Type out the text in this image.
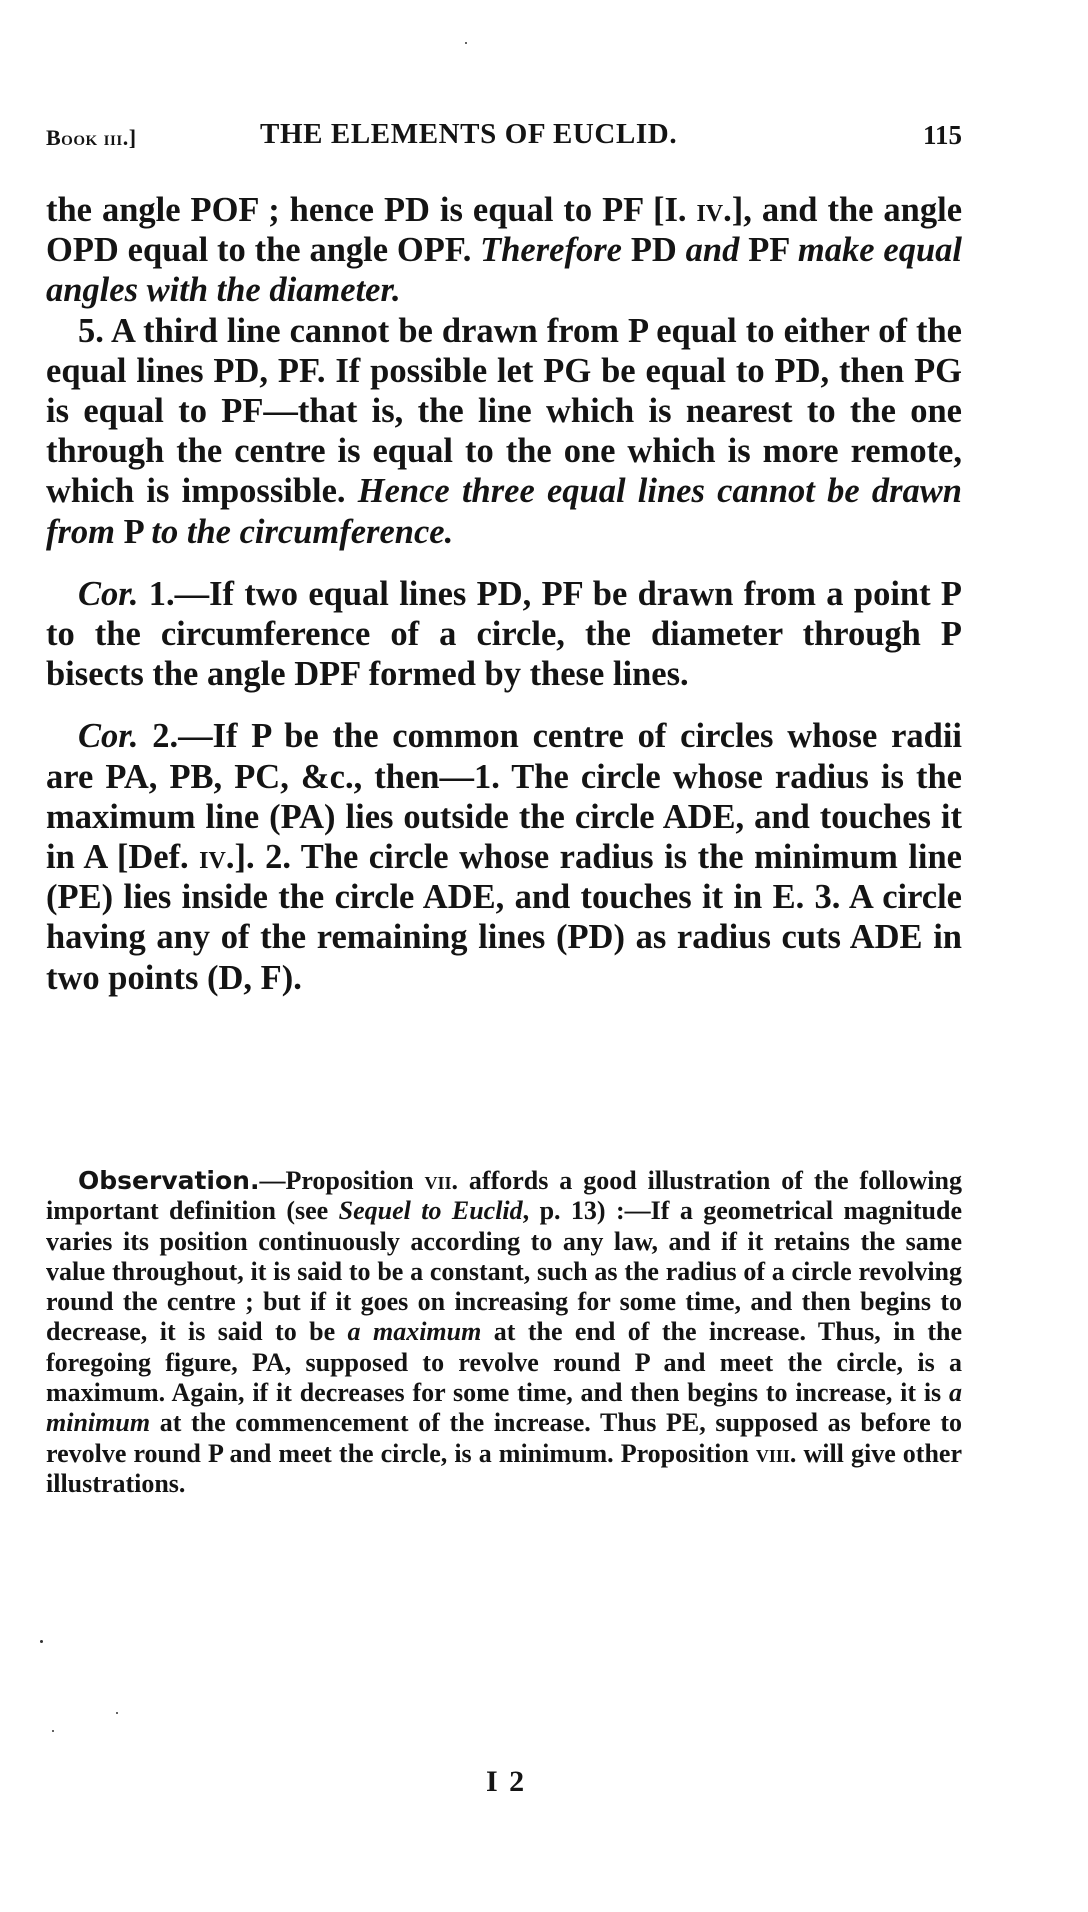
Book iii.]	THE ELEMENTS OF EUCLID.	115

the angle POF ; hence PD is equal to PF [I. iv.], and the angle OPD equal to the angle OPF. Therefore PD and PF make equal angles with the diameter.

5. A third line cannot be drawn from P equal to either of the equal lines PD, PF. If possible let PG be equal to PD, then PG is equal to PF—that is, the line which is nearest to the one through the centre is equal to the one which is more remote, which is impossible. Hence three equal lines cannot be drawn from P to the circumference.

Cor. 1.—If two equal lines PD, PF be drawn from a point P to the circumference of a circle, the diameter through P bisects the angle DPF formed by these lines.

Cor. 2.—If P be the common centre of circles whose radii are PA, PB, PC, &c., then—1. The circle whose radius is the maximum line (PA) lies outside the circle ADE, and touches it in A [Def. iv.]. 2. The circle whose radius is the minimum line (PE) lies inside the circle ADE, and touches it in E. 3. A circle having any of the remaining lines (PD) as radius cuts ADE in two points (D, F).

Observation.—Proposition vii. affords a good illustration of the following important definition (see Sequel to Euclid, p. 13) :—If a geometrical magnitude varies its position continuously according to any law, and if it retains the same value throughout, it is said to be a constant, such as the radius of a circle revolving round the centre ; but if it goes on increasing for some time, and then begins to decrease, it is said to be a maximum at the end of the increase. Thus, in the foregoing figure, PA, supposed to revolve round P and meet the circle, is a maximum. Again, if it decreases for some time, and then begins to increase, it is a minimum at the commencement of the increase. Thus PE, supposed as before to revolve round P and meet the circle, is a minimum. Proposition viii. will give other illustrations.

I 2
